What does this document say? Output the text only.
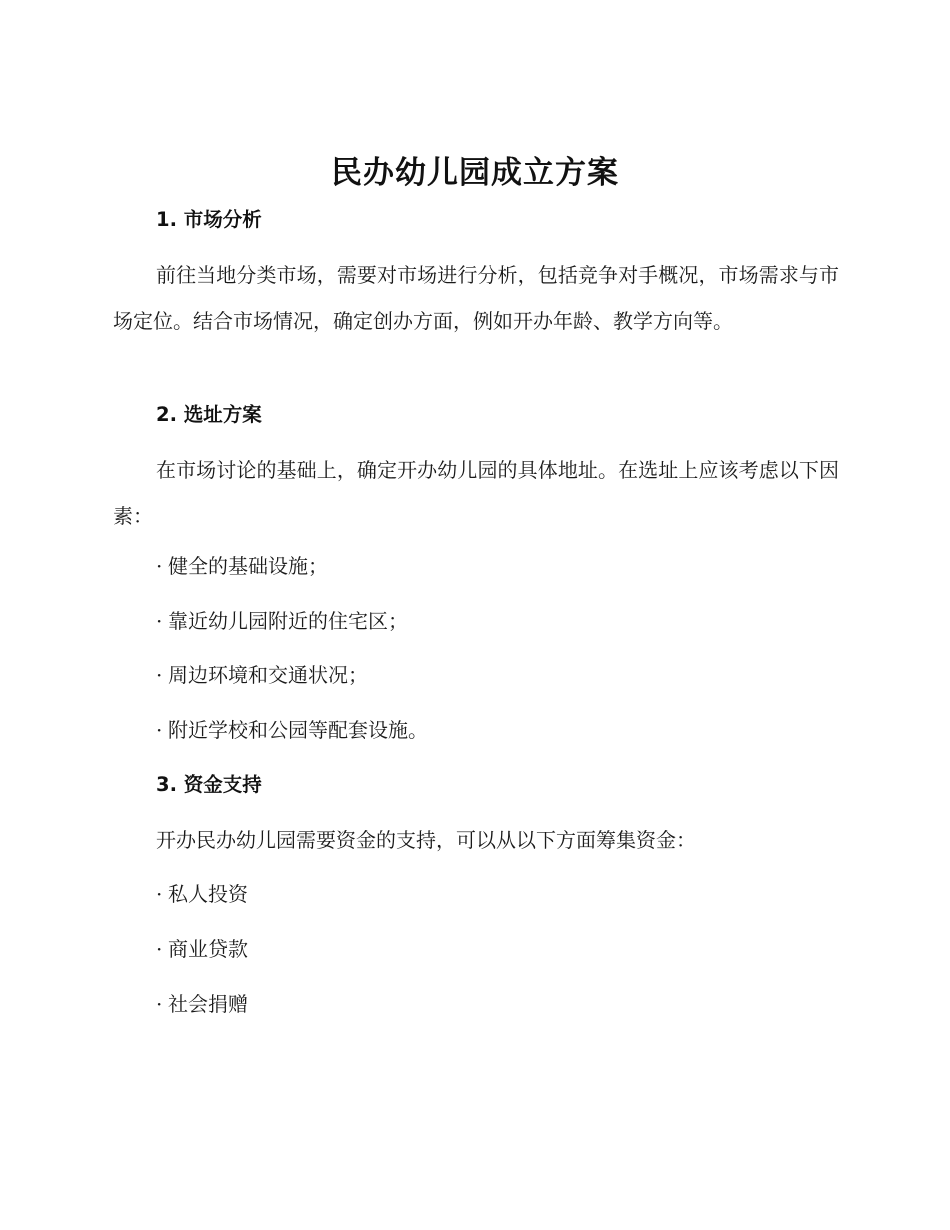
民办幼儿园成立方案
1. 市场分析
前往当地分类市场，需要对市场进行分析，包括竞争对手概况，市场需求与市场定位。结合市场情况，确定创办方面，例如开办年龄、教学方向等。
2. 选址方案
在市场讨论的基础上，确定开办幼儿园的具体地址。在选址上应该考虑以下因素：
· 健全的基础设施；
· 靠近幼儿园附近的住宅区；
· 周边环境和交通状况；
· 附近学校和公园等配套设施。
3. 资金支持
开办民办幼儿园需要资金的支持，可以从以下方面筹集资金：
· 私人投资
· 商业贷款
· 社会捐赠
